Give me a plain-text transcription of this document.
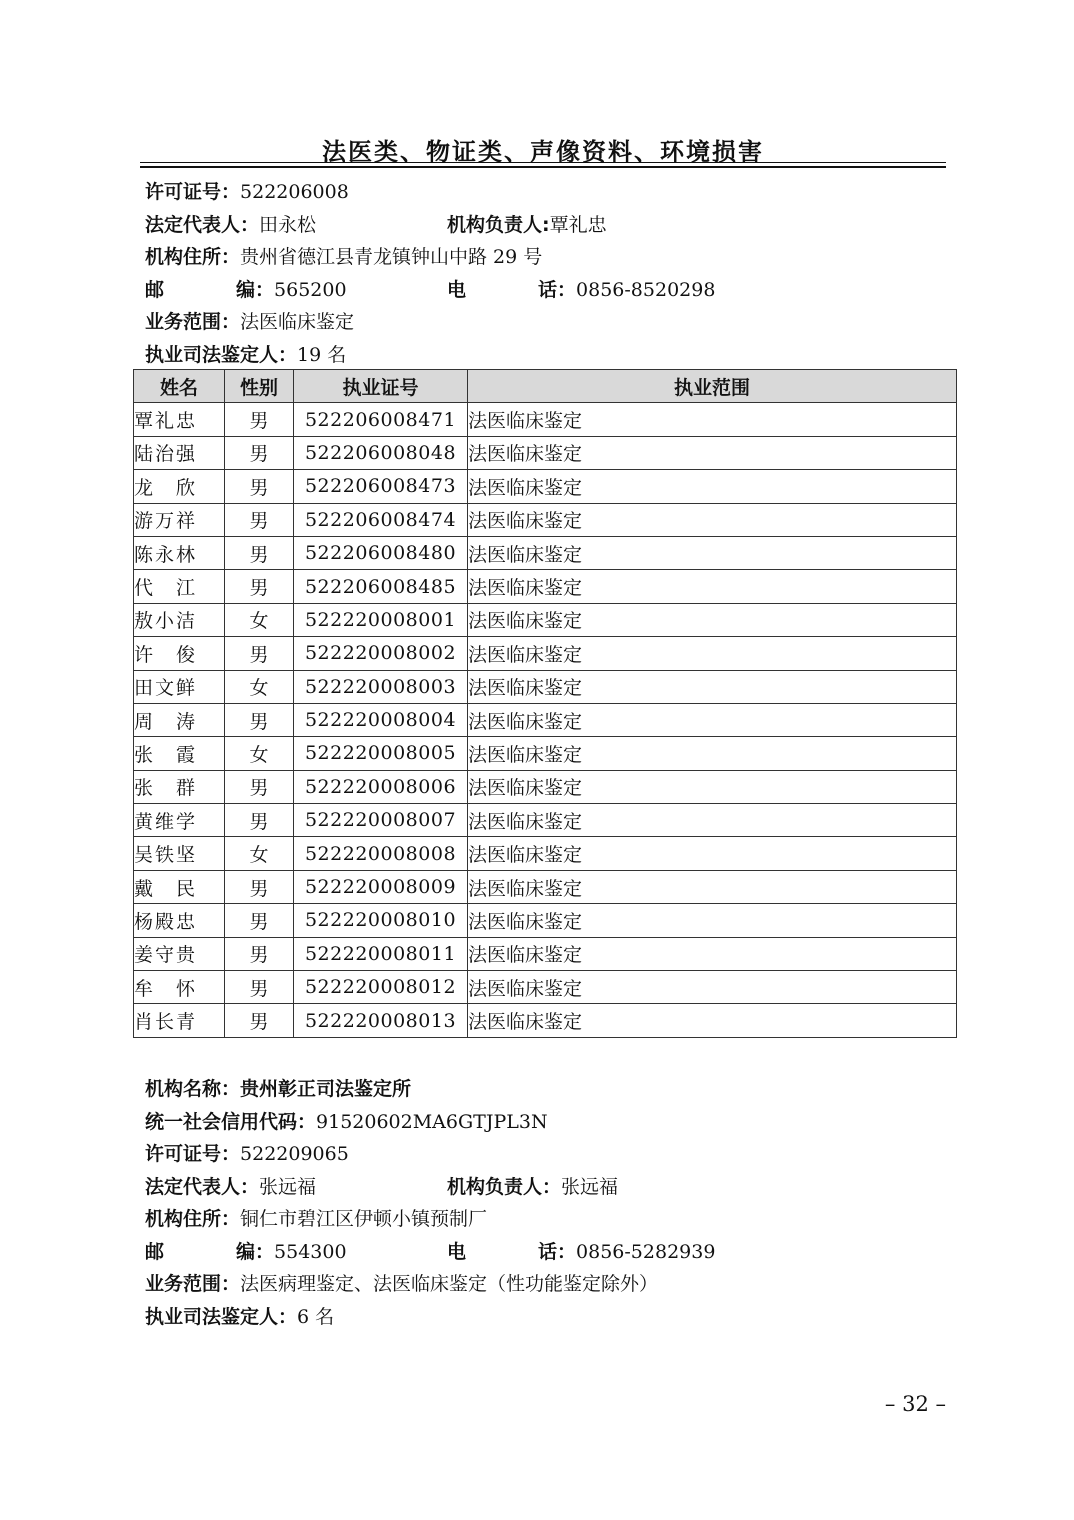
法医类、物证类、声像资料、环境损害
许可证号：522206008
法定代表人：田永松	机构负责人:覃礼忠
机构住所：贵州省德江县青龙镇钟山中路 29 号
邮	编：565200	电	话：0856-8520298
业务范围：法医临床鉴定
执业司法鉴定人：19 名
姓名	性别	执业证号	执业范围
覃礼忠	男	522206008471	法医临床鉴定
陆治强	男	522206008048	法医临床鉴定
龙　欣	男	522206008473	法医临床鉴定
游万祥	男	522206008474	法医临床鉴定
陈永林	男	522206008480	法医临床鉴定
代　江	男	522206008485	法医临床鉴定
敖小洁	女	522220008001	法医临床鉴定
许　俊	男	522220008002	法医临床鉴定
田文鲜	女	522220008003	法医临床鉴定
周　涛	男	522220008004	法医临床鉴定
张　霞	女	522220008005	法医临床鉴定
张　群	男	522220008006	法医临床鉴定
黄维学	男	522220008007	法医临床鉴定
吴铁坚	女	522220008008	法医临床鉴定
戴　民	男	522220008009	法医临床鉴定
杨殿忠	男	522220008010	法医临床鉴定
姜守贵	男	522220008011	法医临床鉴定
牟　怀	男	522220008012	法医临床鉴定
肖长青	男	522220008013	法医临床鉴定
机构名称：贵州彰正司法鉴定所
统一社会信用代码：91520602MA6GTJPL3N
许可证号：522209065
法定代表人：张远福	机构负责人：张远福
机构住所：铜仁市碧江区伊顿小镇预制厂
邮	编：554300	电	话：0856-5282939
业务范围：法医病理鉴定、法医临床鉴定（性功能鉴定除外）
执业司法鉴定人：6 名
– 32 –
